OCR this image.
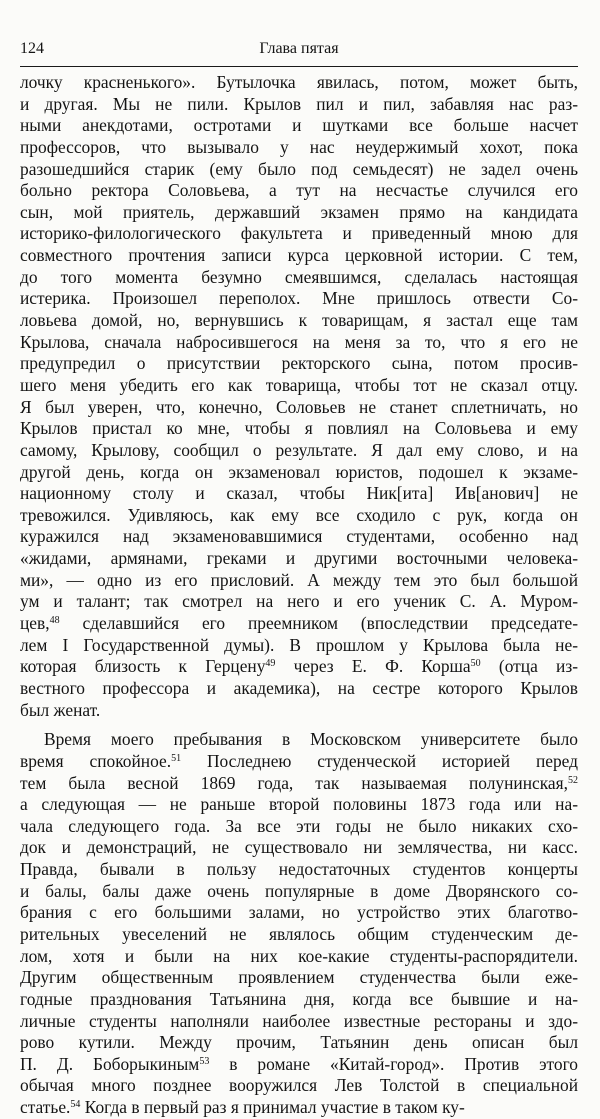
124	Глава пятая
лочку красненького». Бутылочка явилась, потом, может быть,
и другая. Мы не пили. Крылов пил и пил, забавляя нас раз-
ными анекдотами, остротами и шутками все больше насчет
профессоров, что вызывало у нас неудержимый хохот, пока
разошедшийся старик (ему было под семьдесят) не задел очень
больно ректора Соловьева, а тут на несчастье случился его
сын, мой приятель, державший экзамен прямо на кандидата
историко-филологического факультета и приведенный мною для
совместного прочтения записи курса церковной истории. С тем,
до того момента безумно смеявшимся, сделалась настоящая
истерика. Произошел переполох. Мне пришлось отвести Со-
ловьева домой, но, вернувшись к товарищам, я застал еще там
Крылова, сначала набросившегося на меня за то, что я его не
предупредил о присутствии ректорского сына, потом просив-
шего меня убедить его как товарища, чтобы тот не сказал отцу.
Я был уверен, что, конечно, Соловьев не станет сплетничать, но
Крылов пристал ко мне, чтобы я повлиял на Соловьева и ему
самому, Крылову, сообщил о результате. Я дал ему слово, и на
другой день, когда он экзаменовал юристов, подошел к экзаме-
национному столу и сказал, чтобы Ник[ита] Ив[анович] не
тревожился. Удивляюсь, как ему все сходило с рук, когда он
куражился над экзаменовавшимися студентами, особенно над
«жидами, армянами, греками и другими восточными человека-
ми», — одно из его присловий. А между тем это был большой
ум и талант; так смотрел на него и его ученик С. А. Муром-
цев,$^{48}$ сделавшийся его преемником (впоследствии председате-
лем I Государственной думы). В прошлом у Крылова была не-
которая близость к Герцену$^{49}$ через Е. Ф. Корша$^{50}$ (отца из-
вестного профессора и академика), на сестре которого Крылов
был женат.
Время моего пребывания в Московском университете было
время спокойное.$^{51}$ Последнею студенческой историей перед
тем была весной 1869 года, так называемая полунинская,$^{52}$
а следующая — не раньше второй половины 1873 года или на-
чала следующего года. За все эти годы не было никаких схо-
док и демонстраций, не существовало ни землячества, ни касс.
Правда, бывали в пользу недостаточных студентов концерты
и балы, балы даже очень популярные в доме Дворянского со-
брания с его большими залами, но устройство этих благотво-
рительных увеселений не являлось общим студенческим де-
лом, хотя и были на них кое-какие студенты-распорядители.
Другим общественным проявлением студенчества были еже-
годные празднования Татьянина дня, когда все бывшие и на-
личные студенты наполняли наиболее известные рестораны и здо-
рово кутили. Между прочим, Татьянин день описан был
П. Д. Боборыкиным$^{53}$ в романе «Китай-город». Против этого
обычая много позднее вооружился Лев Толстой в специальной
статье.$^{54}$ Когда в первый раз я принимал участие в таком ку-
